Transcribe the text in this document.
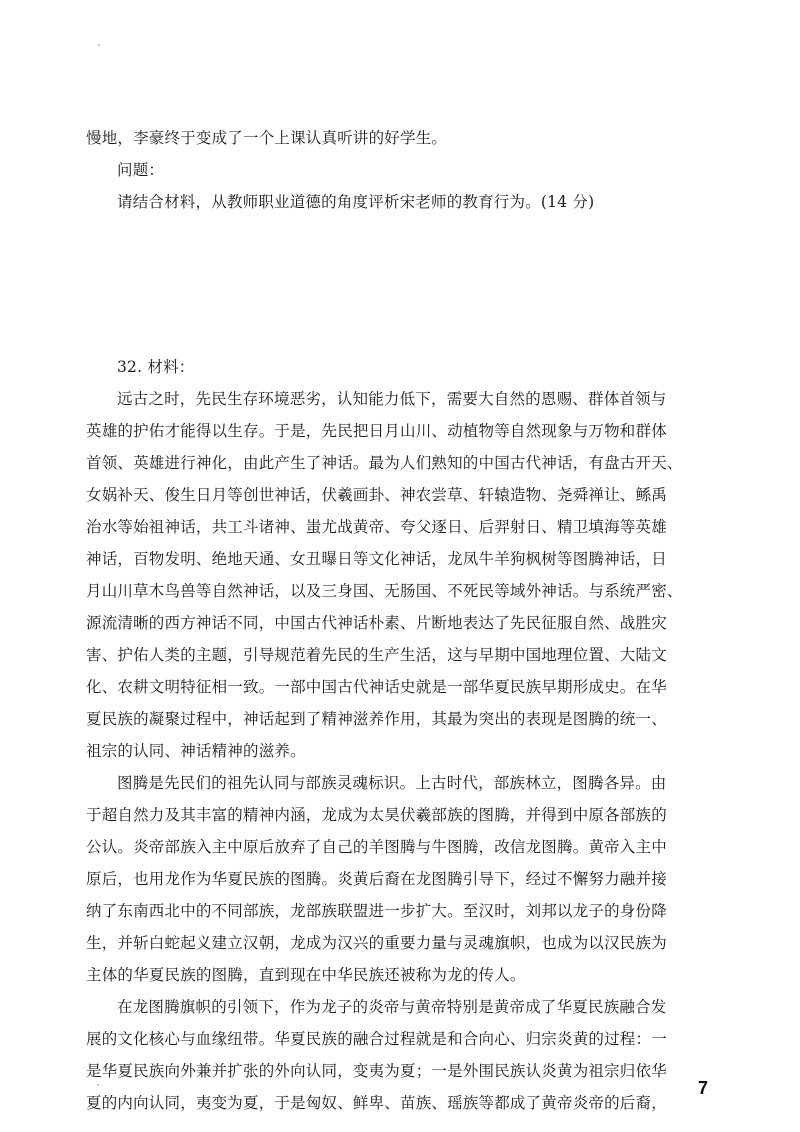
慢地，李豪终于变成了一个上课认真听讲的好学生。
问题：
请结合材料，从教师职业道德的角度评析宋老师的教育行为。(14 分)
32. 材料：
远古之时，先民生存环境恶劣，认知能力低下，需要大自然的恩赐、群体首领与
英雄的护佑才能得以生存。于是，先民把日月山川、动植物等自然现象与万物和群体
首领、英雄进行神化，由此产生了神话。最为人们熟知的中国古代神话，有盘古开天、
女娲补天、俊生日月等创世神话，伏羲画卦、神农尝草、轩辕造物、尧舜禅让、鲧禹
治水等始祖神话，共工斗诸神、蚩尤战黄帝、夸父逐日、后羿射日、精卫填海等英雄
神话，百物发明、绝地天通、女丑曝日等文化神话，龙凤牛羊狗枫树等图腾神话，日
月山川草木鸟兽等自然神话，以及三身国、无肠国、不死民等域外神话。与系统严密、
源流清晰的西方神话不同，中国古代神话朴素、片断地表达了先民征服自然、战胜灾
害、护佑人类的主题，引导规范着先民的生产生活，这与早期中国地理位置、大陆文
化、农耕文明特征相一致。一部中国古代神话史就是一部华夏民族早期形成史。在华
夏民族的凝聚过程中，神话起到了精神滋养作用，其最为突出的表现是图腾的统一、
祖宗的认同、神话精神的滋养。
图腾是先民们的祖先认同与部族灵魂标识。上古时代，部族林立，图腾各异。由
于超自然力及其丰富的精神内涵，龙成为太昊伏羲部族的图腾，并得到中原各部族的
公认。炎帝部族入主中原后放弃了自己的羊图腾与牛图腾，改信龙图腾。黄帝入主中
原后，也用龙作为华夏民族的图腾。炎黄后裔在龙图腾引导下，经过不懈努力融并接
纳了东南西北中的不同部族，龙部族联盟进一步扩大。至汉时，刘邦以龙子的身份降
生，并斩白蛇起义建立汉朝，龙成为汉兴的重要力量与灵魂旗帜，也成为以汉民族为
主体的华夏民族的图腾，直到现在中华民族还被称为龙的传人。
在龙图腾旗帜的引领下，作为龙子的炎帝与黄帝特别是黄帝成了华夏民族融合发
展的文化核心与血缘纽带。华夏民族的融合过程就是和合向心、归宗炎黄的过程：一
是华夏民族向外兼并扩张的外向认同，变夷为夏；一是外围民族认炎黄为祖宗归依华
夏的内向认同，夷变为夏，于是匈奴、鲜卑、苗族、瑶族等都成了黄帝炎帝的后裔，
7
